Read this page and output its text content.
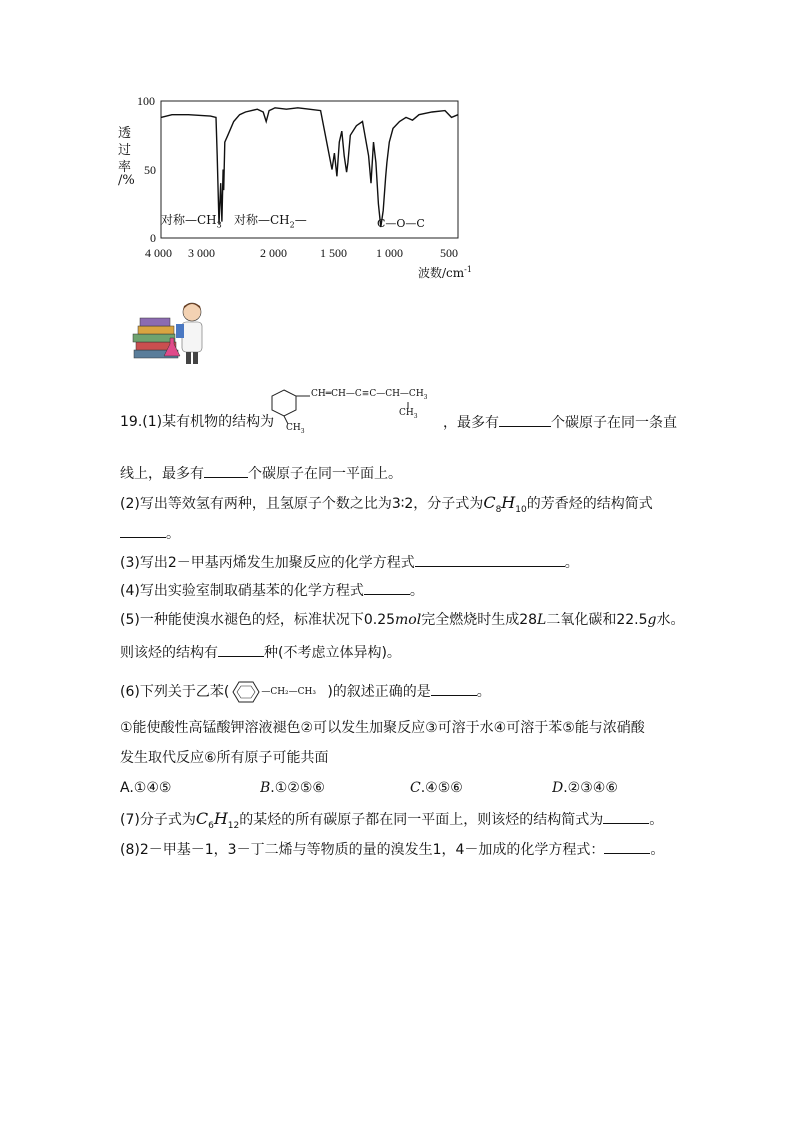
透
过
率
/%
100
50
0
4 000 3 000	2 000	1 500 1 000	500
波数$/cm^{-1}$
对称$—CH_3$ 对称$—CH_2—$	C—O—C
$CH═CH—C\equiv C—CH—CH_3$
$CH_3$
$CH_3$
19.(1)某有机物的结构为	，最多有	个碳原子在同一条直
线上，最多有	个碳原子在同一平面上。
(2)写出等效氢有两种，且氢原子个数之比为3∶2，分子式为$C_8H_{10}$的芳香烃的结构简式
。
(3)写出2－甲基丙烯发生加聚反应的化学方程式	。
(4)写出实验室制取硝基苯的化学方程式	。
(5)一种能使溴水褪色的烃，标准状况下0.25mol完全燃烧时生成28L二氧化碳和22.5g水。
则该烃的结构有	种(不考虑立体异构)。
(6)下列关于乙苯(	—CH₂—CH₃ )的叙述正确的是	。
①能使酸性高锰酸钾溶液褪色②可以发生加聚反应③可溶于水④可溶于苯⑤能与浓硝酸
发生取代反应⑥所有原子可能共面
A.①④⑤	B.①②⑤⑥	C.④⑤⑥	D.②③④⑥
(7)分子式为$C_6H_{12}$的某烃的所有碳原子都在同一平面上，则该烃的结构简式为	。
(8)2－甲基－1，3－丁二烯与等物质的量的溴发生1，4－加成的化学方程式：	。
